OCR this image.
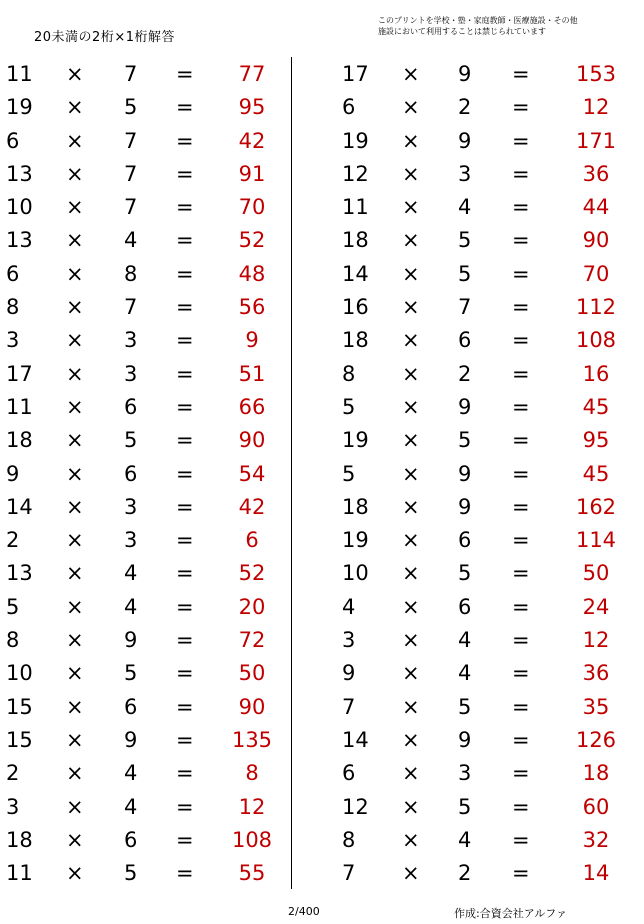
20未満の2桁×1桁解答
このプリントを学校・塾・家庭教師・医療施設・その他
施設において利用することは禁じられています
11	× 7 =	77
19	× 5 =	95
6	× 7 =	42
13	× 7 =	91
10	× 7 =	70
13	× 4 =	52
6	× 8 =	48
8	× 7 =	56
3	× 3 =	9
17	× 3 =	51
11	× 6 =	66
18	× 5 =	90
9	× 6 =	54
14	× 3 =	42
2	× 3 =	6
13	× 4 =	52
5	× 4 =	20
8	× 9 =	72
10	× 5 =	50
15	× 6 =	90
15	× 9 =	135
2	× 4 =	8
3	× 4 =	12
18	× 6 =	108
11	× 5 =	55
17	× 9 =	153
6	× 2 =	12
19	× 9 =	171
12	× 3 =	36
11	× 4 =	44
18	× 5 =	90
14	× 5 =	70
16	× 7 =	112
18	× 6 =	108
8	× 2 =	16
5	× 9 =	45
19	× 5 =	95
5	× 9 =	45
18	× 9 =	162
19	× 6 =	114
10	× 5 =	50
4	× 6 =	24
3	× 4 =	12
9	× 4 =	36
7	× 5 =	35
14	× 9 =	126
6	× 3 =	18
12	× 5 =	60
8	× 4 =	32
7	× 2 =	14
2/400	作成:合資会社アルファ
